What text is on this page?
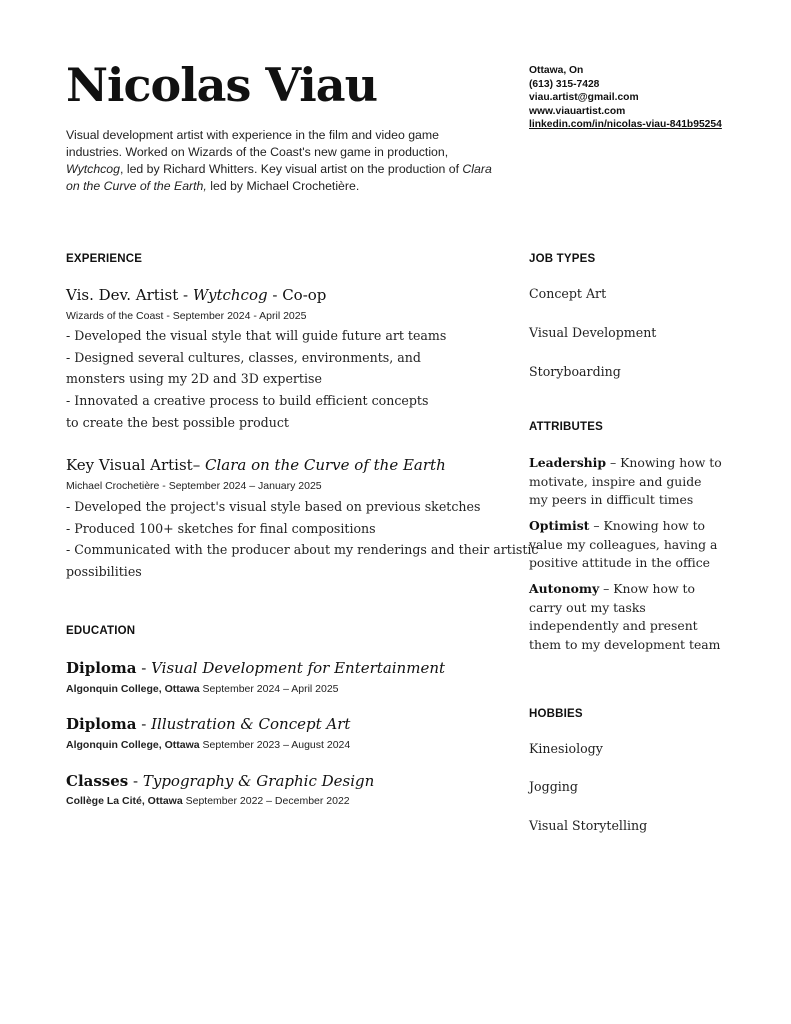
Nicolas Viau
Visual development artist with experience in the film and video game industries. Worked on Wizards of the Coast's new game in production, Wytchcog, led by Richard Whitters. Key visual artist on the production of Clara on the Curve of the Earth, led by Michael Crochetière.
Ottawa, On
(613) 315-7428
viau.artist@gmail.com
www.viauartist.com
linkedin.com/in/nicolas-viau-841b95254
EXPERIENCE
Vis. Dev. Artist - Wytchcog - Co-op
Wizards of the Coast - September 2024 - April 2025
- Developed the visual style that will guide future art teams
- Designed several cultures, classes, environments, and
monsters using my 2D and 3D expertise
- Innovated a creative process to build efficient concepts
to create the best possible product
Key Visual Artist– Clara on the Curve of the Earth
Michael Crochetière - September 2024 – January 2025
- Developed the project's visual style based on previous sketches
- Produced 100+ sketches for final compositions
- Communicated with the producer about my renderings and their artistic
possibilities
EDUCATION
Diploma - Visual Development for Entertainment
Algonquin College, Ottawa September 2024 – April 2025
Diploma - Illustration & Concept Art
Algonquin College, Ottawa September 2023 – August 2024
Classes - Typography & Graphic Design
Collège La Cité, Ottawa September 2022 – December 2022
JOB TYPES
Concept Art
Visual Development
Storyboarding
ATTRIBUTES
Leadership – Knowing how to motivate, inspire and guide my peers in difficult times
Optimist – Knowing how to value my colleagues, having a positive attitude in the office
Autonomy – Know how to carry out my tasks independently and present them to my development team
HOBBIES
Kinesiology
Jogging
Visual Storytelling
